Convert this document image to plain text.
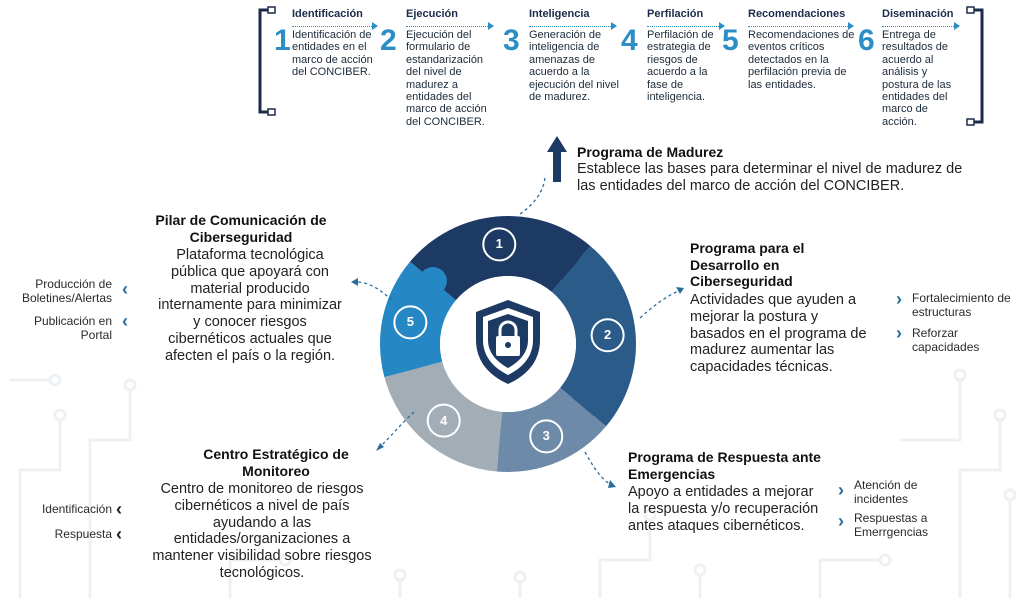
Identificación
1 Identificación de entidades en el marco de acción del CONCIBER.
Ejecución
2 Ejecución del formulario de estandarización del nivel de madurez a entidades del marco de acción del CONCIBER.
Inteligencia
3 Generación de inteligencia de amenazas de acuerdo a la ejecución del nivel de madurez.
Perfilación
4 Perfilación de estrategia de riesgos de acuerdo a la fase de inteligencia.
Recomendaciones
5 Recomendaciones de eventos críticos detectados en la perfilación previa de las entidades.
Diseminación
6 Entrega de resultados de acuerdo al análisis y postura de las entidades del marco de acción.
1
2
3
4
5
Programa de Madurez
Establece las bases para determinar el nivel de madurez de las entidades del marco de acción del CONCIBER.
Programa para el Desarrollo en Ciberseguridad
Actividades que ayuden a mejorar la postura y basados en el programa de madurez aumentar las capacidades técnicas.
› Fortalecimiento de estructuras
› Reforzar capacidades
Programa de Respuesta ante Emergencias
Apoyo a entidades a mejorar la respuesta y/o recuperación antes ataques cibernéticos.
› Atención de incidentes
› Respuestas a Emerrgencias
Centro Estratégico de Monitoreo
Centro de monitoreo de riesgos cibernéticos a nivel de país ayudando a las entidades/organizaciones a mantener visibilidad sobre riesgos tecnológicos.
Identificación ‹
Respuesta ‹
Pilar de Comunicación de Ciberseguridad
Plataforma tecnológica pública que apoyará con material producido internamente para minimizar y conocer riesgos cibernéticos actuales que afecten el país o la región.
Producción de Boletines/Alertas ‹
Publicación en Portal
‹
